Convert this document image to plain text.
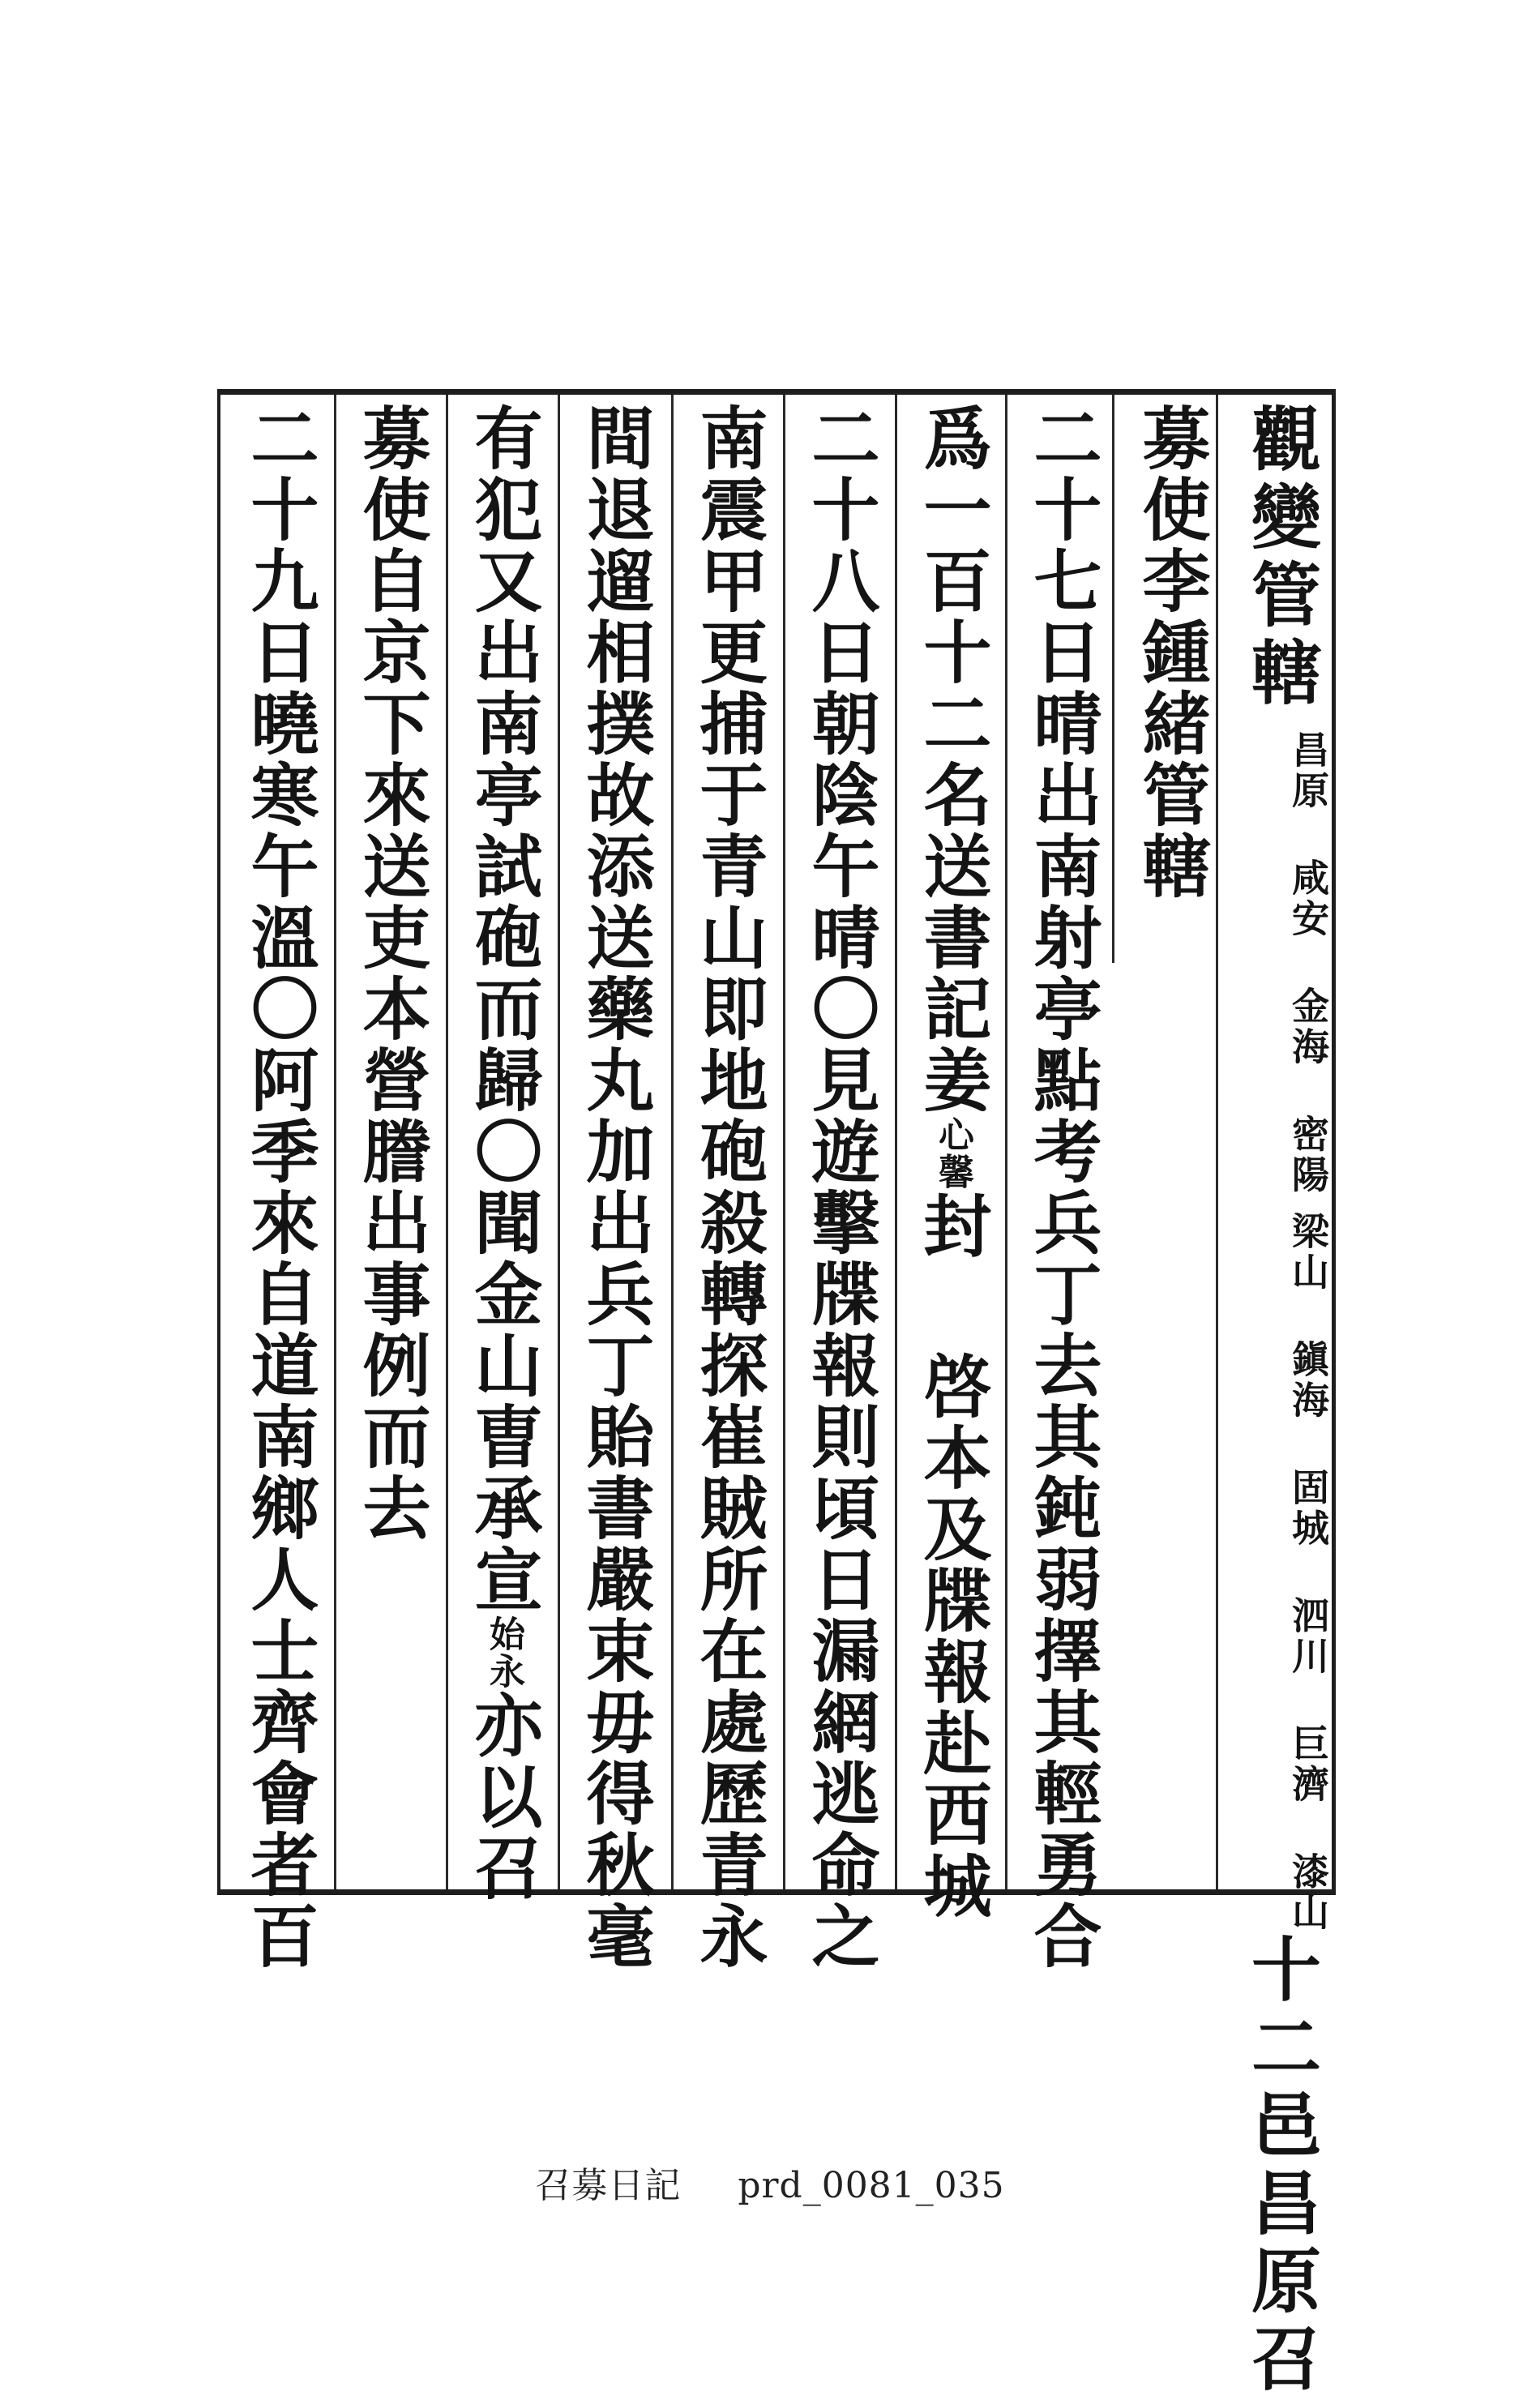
觀變管轄昌原 咸安 金海 密陽梁山 鎭海 固城 泗川 巨濟 漆山十二邑昌原召
募使李鍾緒管轄
二十七日晴出南射亭點考兵丁去其鈍弱擇其輕勇合
爲一百十二名送書記姜心馨封啓本及牒報赴西城
二十八日朝陰午晴〇見遊擊牒報則頃日漏網逃命之
南震甲更捕于青山即地砲殺轉探崔賊所在處歷青永
間退遛相撲故添送藥丸加出兵丁貽書嚴束毋得秋毫
有犯又出南亭試砲而歸〇聞金山曺承宣始永亦以召
募使自京下來送吏本營謄出事例而去
二十九日曉寒午溫〇阿季來自道南鄉人士齊會者百
召募日記 prd_0081_035
